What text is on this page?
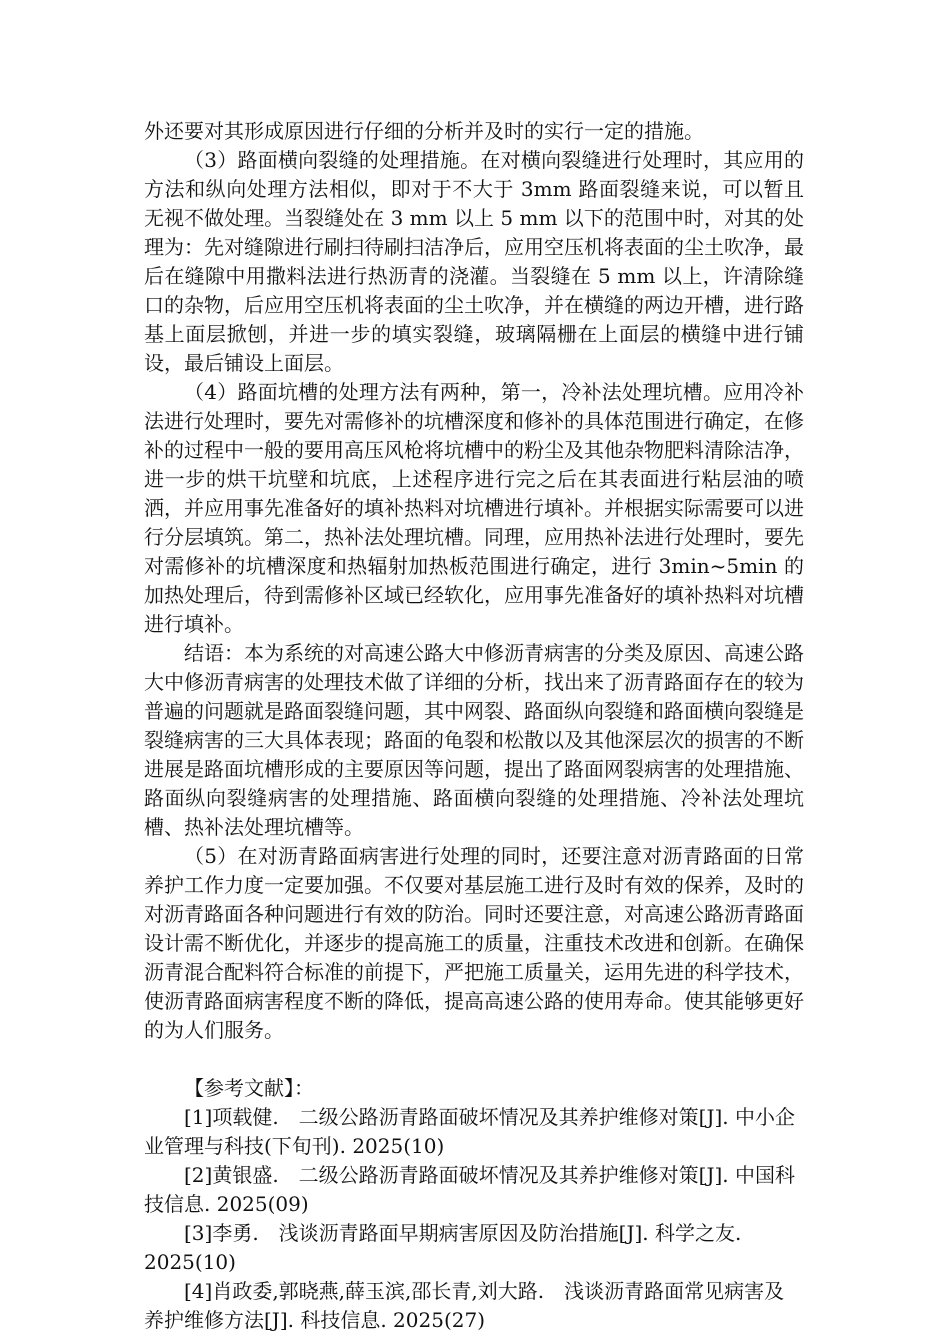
外还要对其形成原因进行仔细的分析并及时的实行一定的措施。

（3）路面横向裂缝的处理措施。在对横向裂缝进行处理时，其应用的方法和纵向处理方法相似，即对于不大于 3mm 路面裂缝来说，可以暂且无视不做处理。当裂缝处在 3 mm 以上 5 mm 以下的范围中时，对其的处理为：先对缝隙进行刷扫待刷扫洁净后，应用空压机将表面的尘土吹净，最后在缝隙中用撒料法进行热沥青的浇灌。当裂缝在 5 mm 以上，许清除缝口的杂物，后应用空压机将表面的尘土吹净，并在横缝的两边开槽，进行路基上面层掀刨，并进一步的填实裂缝，玻璃隔栅在上面层的横缝中进行铺设，最后铺设上面层。

（4）路面坑槽的处理方法有两种，第一，冷补法处理坑槽。应用冷补法进行处理时，要先对需修补的坑槽深度和修补的具体范围进行确定，在修补的过程中一般的要用高压风枪将坑槽中的粉尘及其他杂物肥料清除洁净，进一步的烘干坑壁和坑底，上述程序进行完之后在其表面进行粘层油的喷洒，并应用事先准备好的填补热料对坑槽进行填补。并根据实际需要可以进行分层填筑。第二，热补法处理坑槽。同理，应用热补法进行处理时，要先对需修补的坑槽深度和热辐射加热板范围进行确定，进行 3min~5min 的加热处理后，待到需修补区域已经软化，应用事先准备好的填补热料对坑槽进行填补。

结语：本为系统的对高速公路大中修沥青病害的分类及原因、高速公路大中修沥青病害的处理技术做了详细的分析，找出来了沥青路面存在的较为普遍的问题就是路面裂缝问题，其中网裂、路面纵向裂缝和路面横向裂缝是裂缝病害的三大具体表现；路面的龟裂和松散以及其他深层次的损害的不断进展是路面坑槽形成的主要原因等问题，提出了路面网裂病害的处理措施、路面纵向裂缝病害的处理措施、路面横向裂缝的处理措施、冷补法处理坑槽、热补法处理坑槽等。

（5）在对沥青路面病害进行处理的同时，还要注意对沥青路面的日常养护工作力度一定要加强。不仅要对基层施工进行及时有效的保养，及时的对沥青路面各种问题进行有效的防治。同时还要注意，对高速公路沥青路面设计需不断优化，并逐步的提高施工的质量，注重技术改进和创新。在确保沥青混合配料符合标准的前提下，严把施工质量关，运用先进的科学技术，使沥青路面病害程度不断的降低，提高高速公路的使用寿命。使其能够更好的为人们服务。

【参考文献】：

[1]项载健.　二级公路沥青路面破坏情况及其养护维修对策[J]. 中小企业管理与科技(下旬刊). 2025(10)

[2]黄银盛.　二级公路沥青路面破坏情况及其养护维修对策[J]. 中国科技信息. 2025(09)

[3]李勇.　浅谈沥青路面早期病害原因及防治措施[J]. 科学之友. 2025(10)

[4]肖政委,郭晓燕,薛玉滨,邵长青,刘大路.　浅谈沥青路面常见病害及养护维修方法[J]. 科技信息. 2025(27)
